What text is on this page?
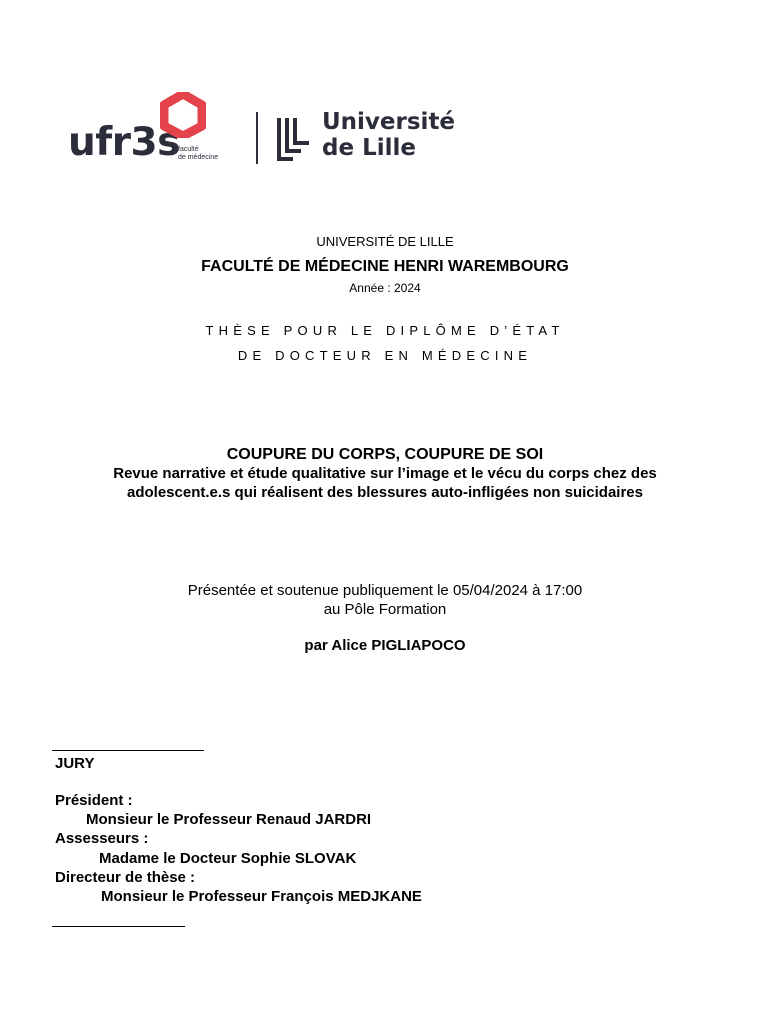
ufr3s
faculté
de médecine
Université
de Lille
UNIVERSITÉ DE LILLE
FACULTÉ DE MÉDECINE HENRI WAREMBOURG
Année : 2024
THÈSE POUR LE DIPLÔME D’ÉTAT
DE DOCTEUR EN MÉDECINE
COUPURE DU CORPS, COUPURE DE SOI
Revue narrative et étude qualitative sur l’image et le vécu du corps chez des
adolescent.e.s qui réalisent des blessures auto-infligées non suicidaires
Présentée et soutenue publiquement le 05/04/2024 à 17:00
au Pôle Formation
par Alice PIGLIAPOCO
JURY
Président :
Monsieur le Professeur Renaud JARDRI
Assesseurs :
Madame le Docteur Sophie SLOVAK
Directeur de thèse :
Monsieur le Professeur François MEDJKANE
